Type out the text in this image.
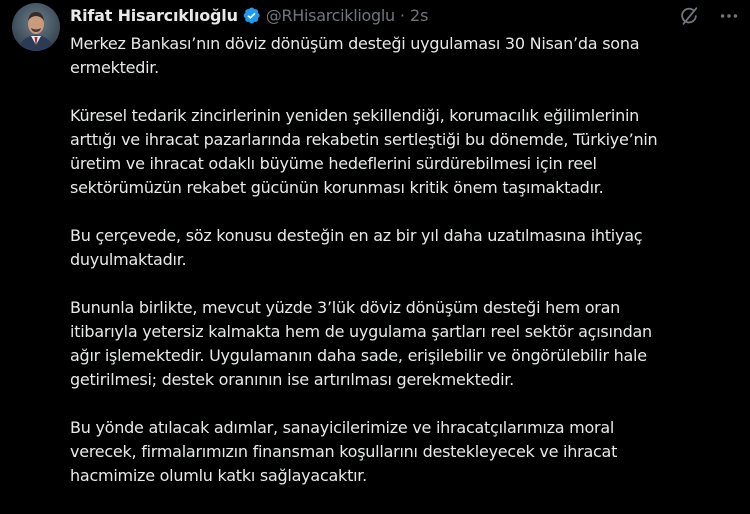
Rifat Hisarcıklıoğlu @RHisarciklioglu · 2s

Merkez Bankası’nın döviz dönüşüm desteği uygulaması 30 Nisan’da sona
ermektedir.

Küresel tedarik zincirlerinin yeniden şekillendiği, korumacılık eğilimlerinin
arttığı ve ihracat pazarlarında rekabetin sertleştiği bu dönemde, Türkiye’nin
üretim ve ihracat odaklı büyüme hedeflerini sürdürebilmesi için reel
sektörümüzün rekabet gücünün korunması kritik önem taşımaktadır.

Bu çerçevede, söz konusu desteğin en az bir yıl daha uzatılmasına ihtiyaç
duyulmaktadır.

Bununla birlikte, mevcut yüzde 3’lük döviz dönüşüm desteği hem oran
itibarıyla yetersiz kalmakta hem de uygulama şartları reel sektör açısından
ağır işlemektedir. Uygulamanın daha sade, erişilebilir ve öngörülebilir hale
getirilmesi; destek oranının ise artırılması gerekmektedir.

Bu yönde atılacak adımlar, sanayicilerimize ve ihracatçılarımıza moral
verecek, firmalarımızın finansman koşullarını destekleyecek ve ihracat
hacmimize olumlu katkı sağlayacaktır.
